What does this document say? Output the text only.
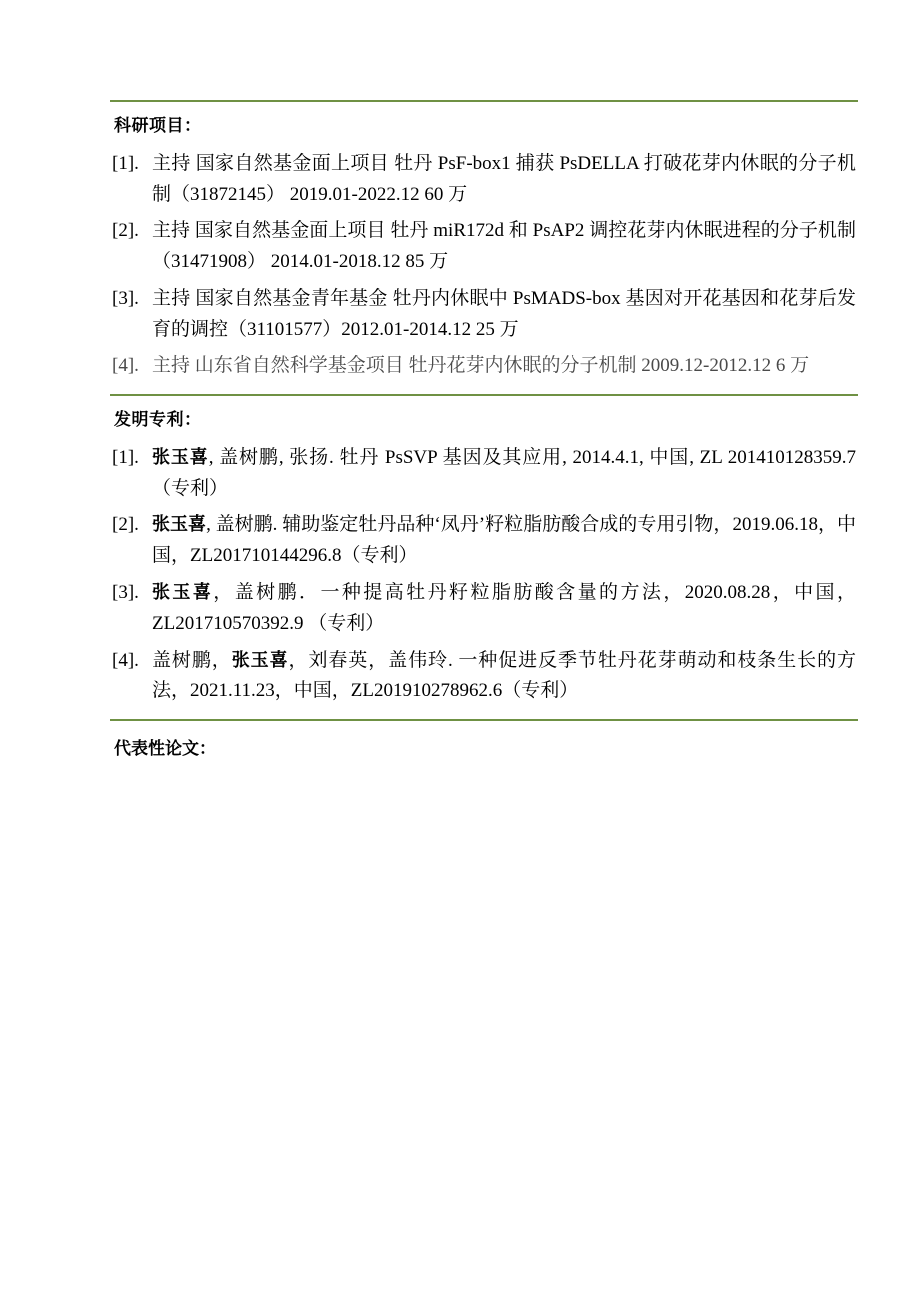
科研项目：
[1]. 主持 国家自然基金面上项目 牡丹 PsF-box1 捕获 PsDELLA 打破花芽内休眠的分子机制（31872145） 2019.01-2022.12 60 万
[2]. 主持 国家自然基金面上项目 牡丹 miR172d 和 PsAP2 调控花芽内休眠进程的分子机制（31471908） 2014.01-2018.12 85 万
[3]. 主持 国家自然基金青年基金 牡丹内休眠中 PsMADS-box 基因对开花基因和花芽后发育的调控（31101577）2012.01-2014.12 25 万
[4]. 主持 山东省自然科学基金项目 牡丹花芽内休眠的分子机制 2009.12-2012.12 6 万
发明专利：
[1]. 张玉喜, 盖树鹏, 张扬. 牡丹 PsSVP 基因及其应用, 2014.4.1, 中国, ZL 201410128359.7 （专利）
[2]. 张玉喜, 盖树鹏. 辅助鉴定牡丹品种‘凤丹’籽粒脂肪酸合成的专用引物，2019.06.18，中国，ZL201710144296.8（专利）
[3]. 张玉喜，盖树鹏．一种提高牡丹籽粒脂肪酸含量的方法，2020.08.28，中国，ZL201710570392.9 （专利）
[4]. 盖树鹏，张玉喜，刘春英，盖伟玲. 一种促进反季节牡丹花芽萌动和枝条生长的方法，2021.11.23，中国，ZL201910278962.6（专利）
代表性论文：
